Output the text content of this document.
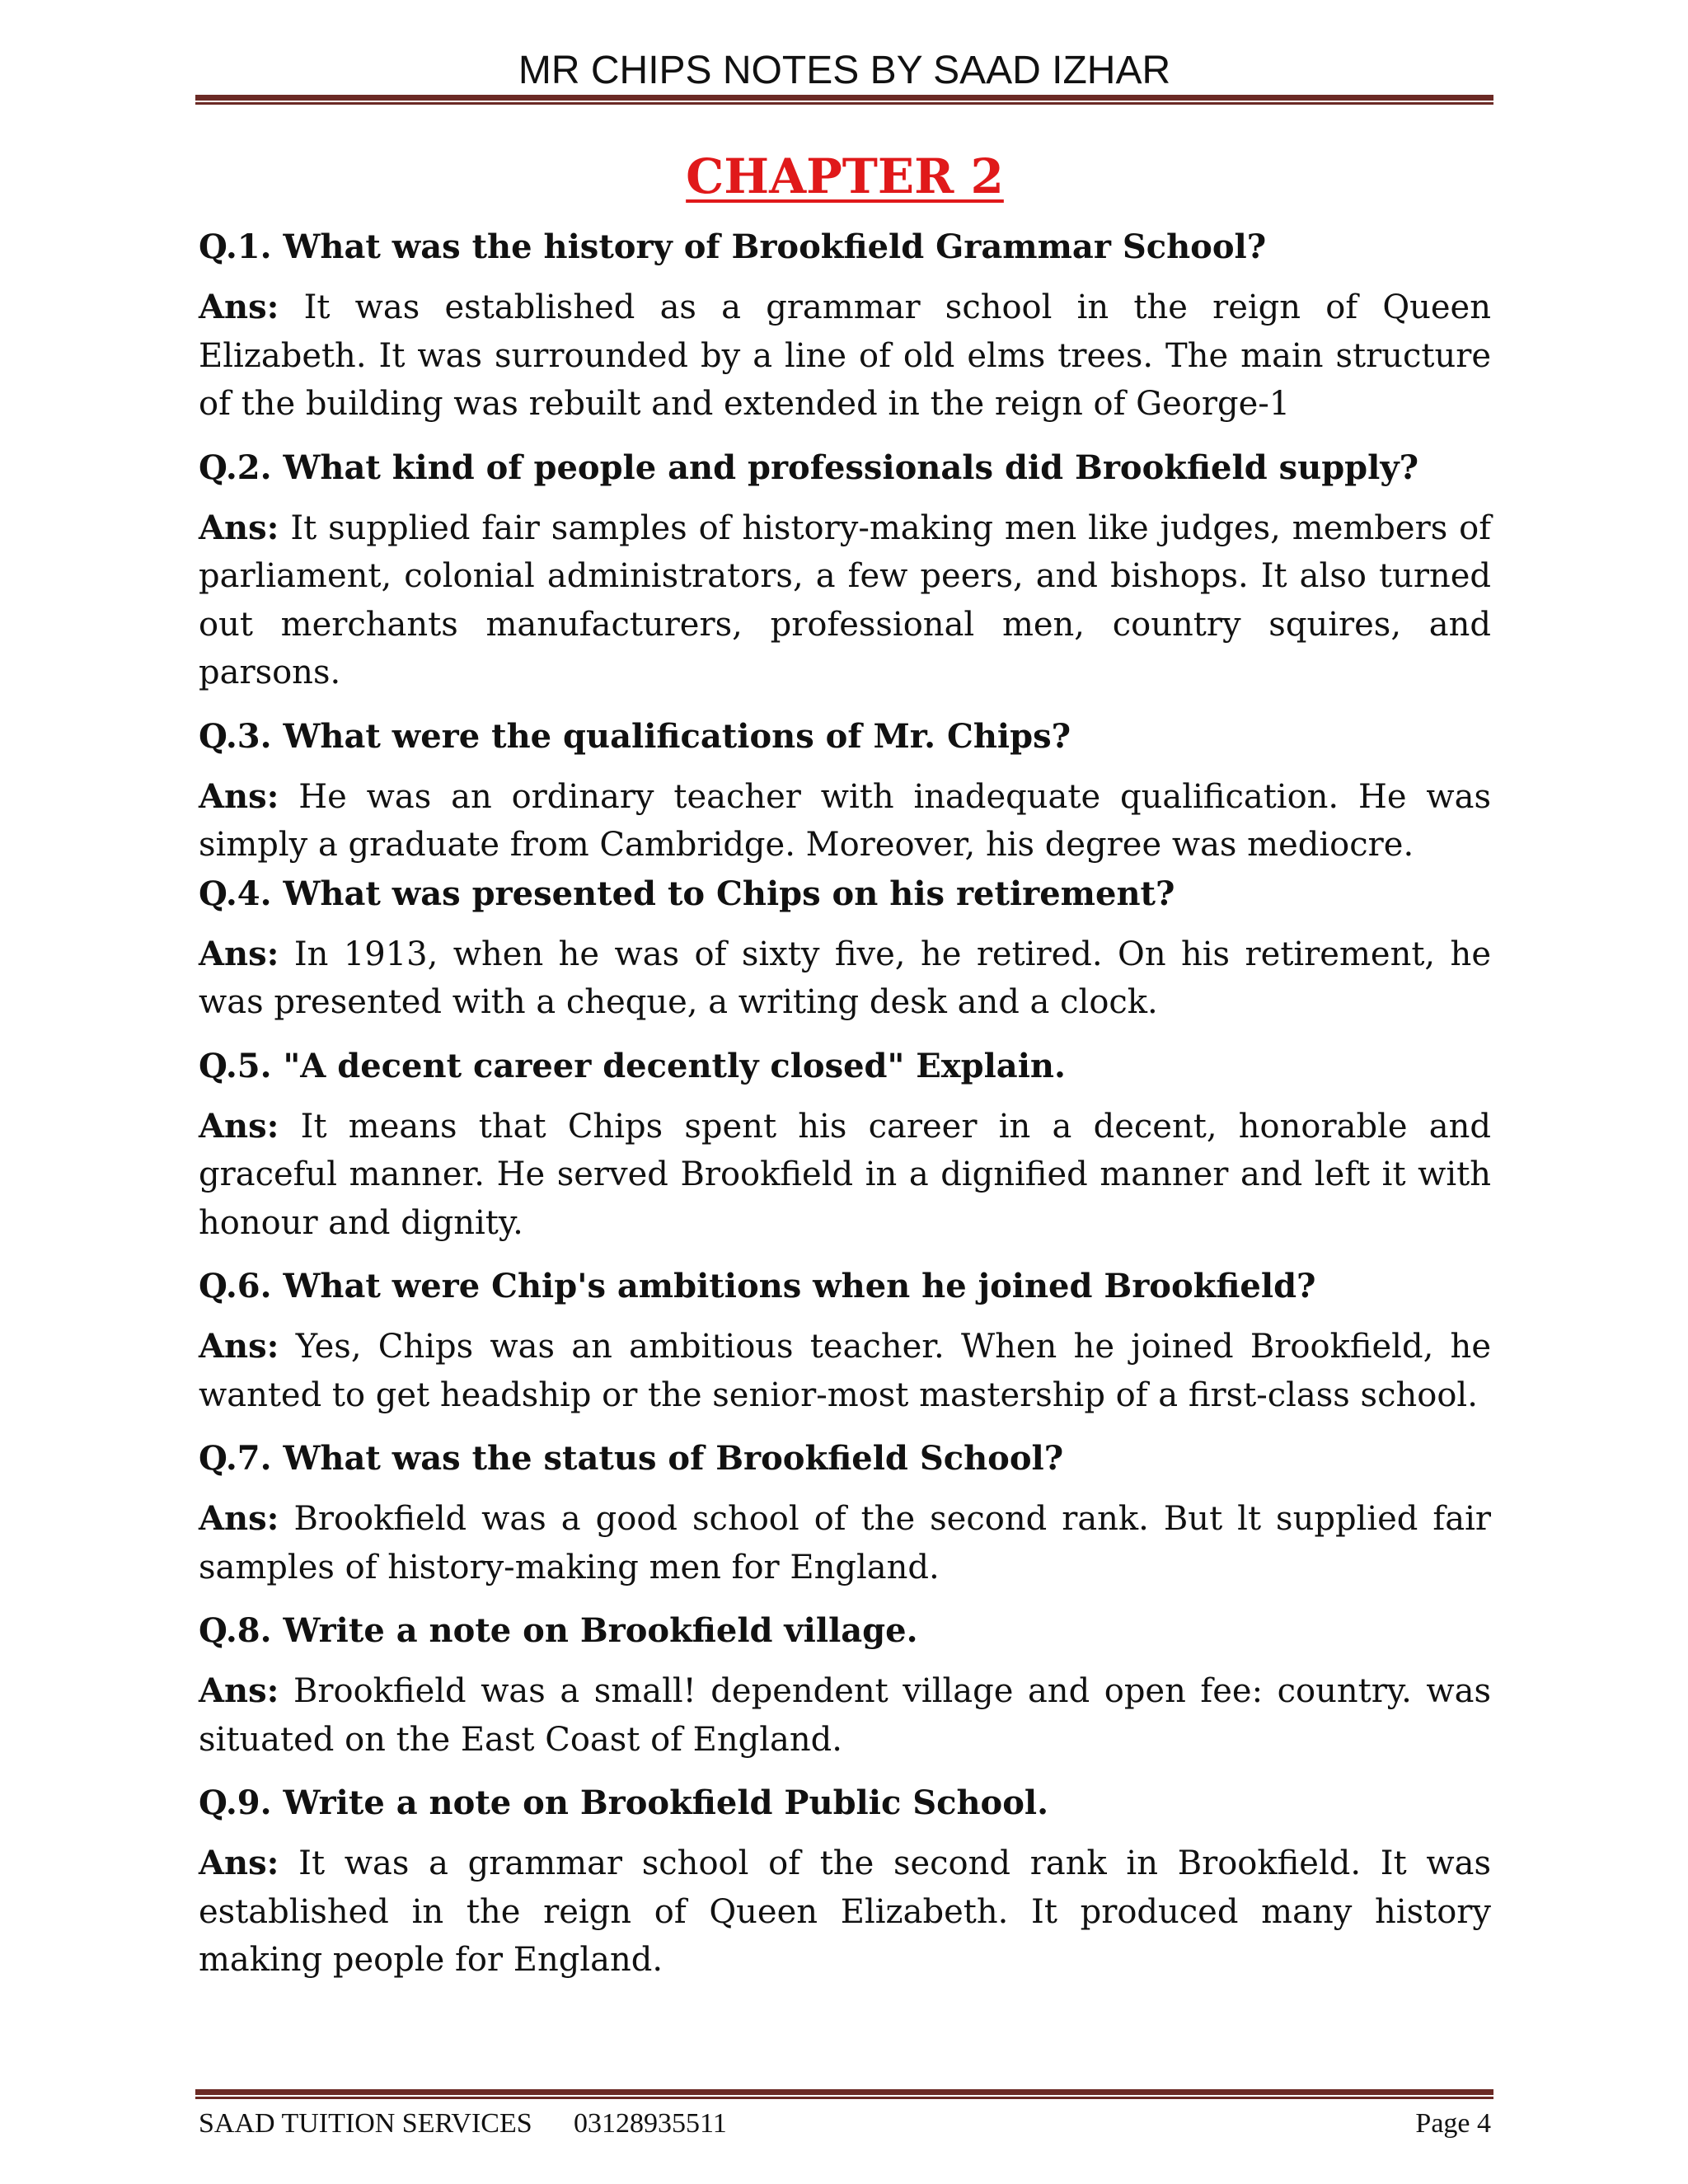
MR CHIPS NOTES BY SAAD IZHAR
CHAPTER 2

Q.1. What was the history of Brookfield Grammar School?

Ans: It was established as a grammar school in the reign of Queen Elizabeth. It was surrounded by a line of old elms trees. The main structure of the building was rebuilt and extended in the reign of George-1

Q.2. What kind of people and professionals did Brookfield supply?

Ans: It supplied fair samples of history-making men like judges, members of parliament, colonial administrators, a few peers, and bishops. It also turned out merchants manufacturers, professional men, country squires, and parsons.

Q.3. What were the qualifications of Mr. Chips?

Ans: He was an ordinary teacher with inadequate qualification. He was simply a graduate from Cambridge. Moreover, his degree was mediocre.

Q.4. What was presented to Chips on his retirement?

Ans: In 1913, when he was of sixty five, he retired. On his retirement, he was presented with a cheque, a writing desk and a clock.

Q.5. "A decent career decently closed" Explain.

Ans: It means that Chips spent his career in a decent, honorable and graceful manner. He served Brookfield in a dignified manner and left it with honour and dignity.

Q.6. What were Chip's ambitions when he joined Brookfield?

Ans: Yes, Chips was an ambitious teacher. When he joined Brookfield, he wanted to get headship or the senior-most mastership of a first-class school.

Q.7. What was the status of Brookfield School?

Ans: Brookfield was a good school of the second rank. But lt supplied fair samples of history-making men for England.

Q.8. Write a note on Brookfield village.

Ans: Brookfield was a small! dependent village and open fee: country. was situated on the East Coast of England.

Q.9. Write a note on Brookfield Public School.

Ans: It was a grammar school of the second rank in Brookfield. It was established in the reign of Queen Elizabeth. It produced many history making people for England.

SAAD TUITION SERVICES 03128935511	Page 4
